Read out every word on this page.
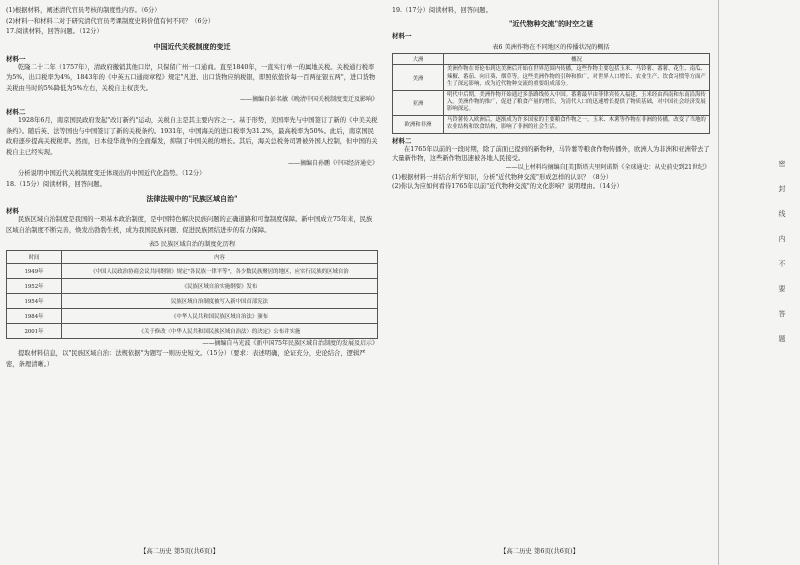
(1)根据材料，阐述清代官员考核的制度性内容。（6分）

(2)材料一和材料二对于研究清代官员考课制度史料价值有何不同？（6分）

17.阅读材料，回答问题。（12分）

中国近代关税制度的变迁
材料一

乾隆二十二年（1757年），清政府撤销其他口岸，只保留广州一口通商。直至1840年，一直实行单一的属地关税。关税通行税率为5%，出口税率为4%，1843年的《中英五口通商章程》规定"凡进、出口货物应纳税银，即照依值价每一百两征银五两"，进口货物关税由当时的5%降低为5%左右，关税自主权丧失。

——摘编自彭名敏《晚清中国关税制度变迁及影响》

材料二

1928年6月，南京国民政府发起"改订新约"运动，关税自主是其主要内容之一。基于形势，美国率先与中国签订了新的《中美关税条约》。随后英、法等国也与中国签订了新的关税条约。1931年，中国海关的进口税率为31.2%，最高税率为50%。此后，南京国民政府逐步提高关税税率。然而，日本侵华战争的全面爆发，抑制了中国关税的增长。其后，海关总税务司署被外国人控制，但中国的关税自主已经实现。

——摘编自孙鹏《中国经济通史》

分析说明中国近代关税制度变迁体现出的中国近代化趋势。（12分）

18.（15分）阅读材料，回答问题。

法律法规中的"民族区域自治"
材料

民族区域自治制度是我国的一项基本政治制度，是中国特色解决民族问题的正确道路和可靠制度保障。新中国成立75年来，民族区域自治制度不断完善，焕发出勃勃生机，成为我国民族问题、促进民族团结进步的有力保障。

表5 民族区域自治的制度化历程
时间	内容
1949年	《中国人民政治协商会议共同纲领》规定"各民族一律平等"，各少数民族聚居的地区，应实行民族的区域自治
1952年	《民族区域自治实施纲要》发布
1954年	民族区域自治制度被写入新中国首部宪法
1984年	《中华人民共和国民族区域自治法》颁布
2001年	《关于修改〈中华人民共和国民族区域自治法〉的决定》公布并实施

——摘编自马光波《新中国75年民族区域自治制度的发展及启示》

提取材料信息，以"民族区域自治：法规依据"为题写一则历史短文。（15分）（要求：表述明确，论证充分，史论结合，逻辑严密，条理清晰。）

【高二历史 第5页(共6页)】

19.（17分）阅读材料，回答问题。

"近代物种交流"的时空之谜
材料一
表6 美洲作物在不同地区的传播状况的概括
大洲	概况
美洲	美洲作物在哥伦布到达美洲后开始在世界范围内传播，这些作物主要包括玉米、马铃薯、番薯、花生、南瓜、辣椒、番茄、向日葵、烟草等。这些美洲作物的引种和推广，对世界人口增长、农业生产、饮食习惯等方面产生了深远影响，成为近代物种交流的重要组成部分。
亚洲	明代中后期，美洲作物开始通过多条路线传入中国。番薯最早由菲律宾传入福建，玉米经由西南和东南沿海传入。美洲作物的推广，促进了粮食产量的增长，为清代人口的迅速增长提供了物质基础，对中国社会经济发展影响深远。
欧洲和非洲	马铃薯传入欧洲后，逐渐成为许多国家的主要粮食作物之一。玉米、木薯等作物在非洲的传播，改变了当地的农业结构和饮食结构，影响了非洲的社会生活。
材料二

在1765年以前的一段时期，除了前面已提到的新物种，马铃薯等粮食作物传播外，欧洲人为非洲和亚洲带去了大量新作物，这些新作物迅速被各地人民接受。

——以上材料均摘编自[美]斯塔夫里阿诺斯《全球通史：从史前史到21世纪》

(1)根据材料一并结合所学知识，分析"近代物种交流"形成怎样的认识？（8分）

(2)你认为应如何看待1765年以前"近代物种交流"的文化影响？说明理由。（14分）

【高二历史 第6页(共6页)】
密封线内不要答题
